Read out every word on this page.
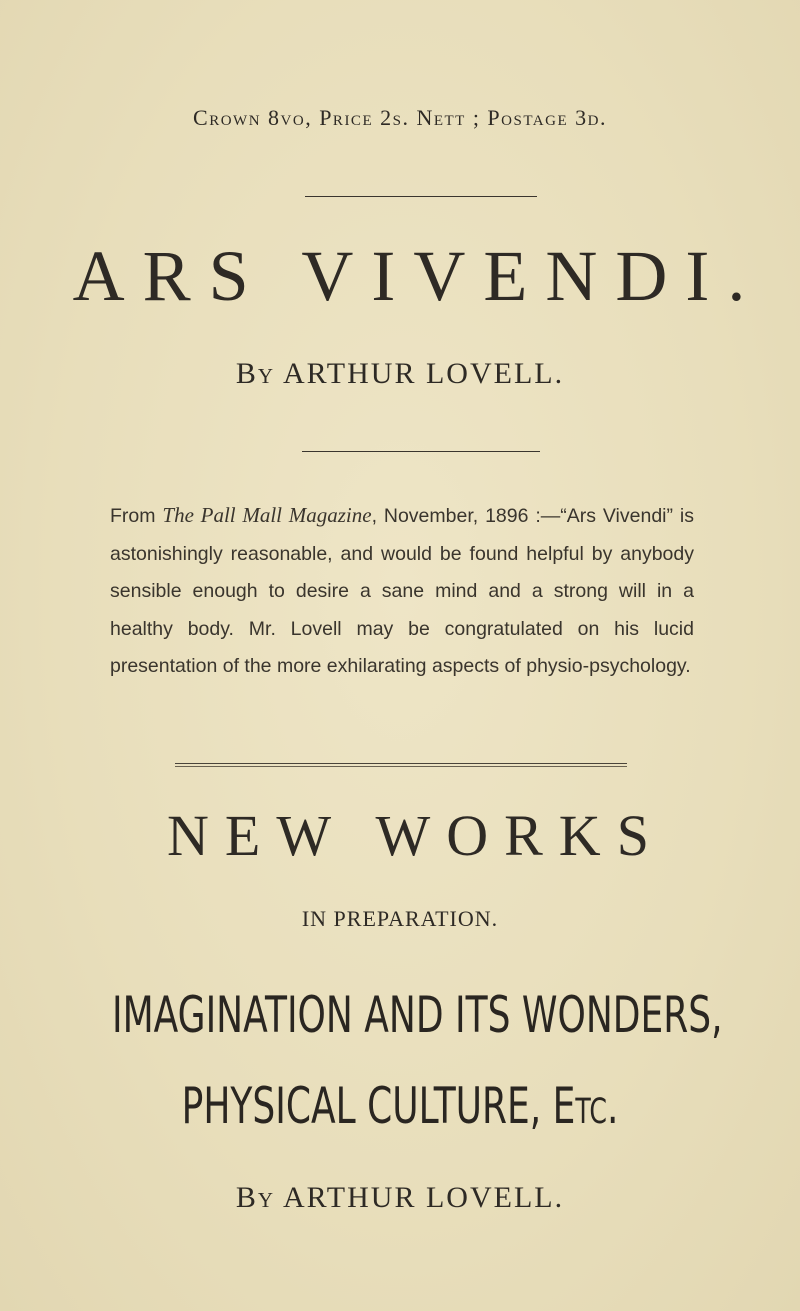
Crown 8vo, Price 2s. Nett ; Postage 3d.
ARS VIVENDI.
By ARTHUR LOVELL.
From The Pall Mall Magazine, November, 1896 :—“Ars Vivendi” is astonishingly reasonable, and would be found helpful by anybody sensible enough to desire a sane mind and a strong will in a healthy body. Mr. Lovell may be congratulated on his lucid presentation of the more exhilarating aspects of physio-psychology.
NEW WORKS
IN PREPARATION.
IMAGINATION AND ITS WONDERS,
PHYSICAL CULTURE, Etc.
By ARTHUR LOVELL.
